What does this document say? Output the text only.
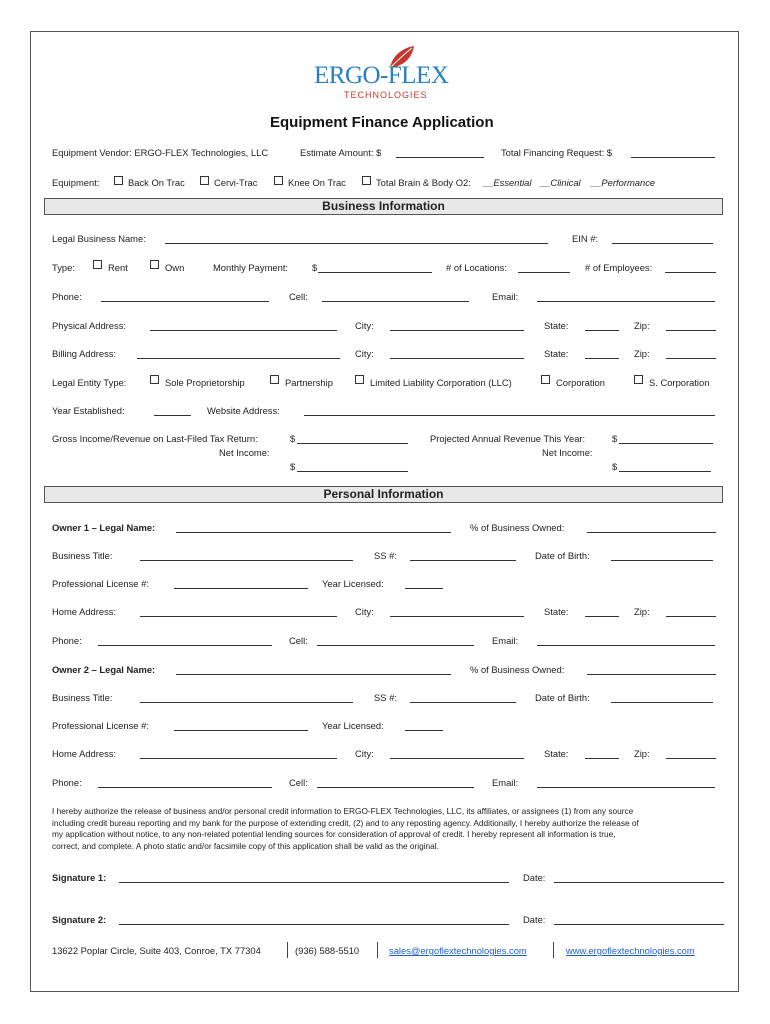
ERGO-FLEX
TECHNOLOGIES
Equipment Finance Application
Equipment Vendor: ERGO-FLEX Technologies, LLC	Estimate Amount: $	Total Financing Request: $
Equipment:	Back On Trac	Cervi-Trac	Knee On Trac	Total Brain & Body O2: __Essential __Clinical __Performance
Business Information
Legal Business Name:	EIN #:
Type:	Rent	Own	Monthly Payment:	$	# of Locations:	# of Employees:
Phone:	Cell:	Email:
Physical Address:	City:	State:	Zip:
Billing Address:	City:	State:	Zip:
Legal Entity Type:	Sole Proprietorship	Partnership	Limited Liability Corporation (LLC)	Corporation	S. Corporation
Year Established:	Website Address:
Gross Income/Revenue on Last-Filed Tax Return:	$	Projected Annual Revenue This Year:	$
Net Income:	Net Income:
$	$
Personal Information
Owner 1 – Legal Name:	% of Business Owned:
Business Title:	SS #:	Date of Birth:
Professional License #:	Year Licensed:
Home Address:	City:	State:	Zip:
Phone:	Cell:	Email:
Owner 2 – Legal Name:	% of Business Owned:
Business Title:	SS #:	Date of Birth:
Professional License #:	Year Licensed:
Home Address:	City:	State:	Zip:
Phone:	Cell:	Email:
I hereby authorize the release of business and/or personal credit information to ERGO-FLEX Technologies, LLC, its affiliates, or assignees (1) from any source
including credit bureau reporting and my bank for the purpose of extending credit, (2) and to any reposting agency. Additionally, I hereby authorize the release of
my application without notice, to any non-related potential lending sources for consideration of approval of credit. I hereby represent all information is true,
correct, and complete. A photo static and/or facsimile copy of this application shall be valid as the original.
Signature 1:	Date:
Signature 2:	Date:
13622 Poplar Circle, Suite 403, Conroe, TX 77304	(936) 588-5510	sales@ergoflextechnologies.com	www.ergoflextechnologies.com
